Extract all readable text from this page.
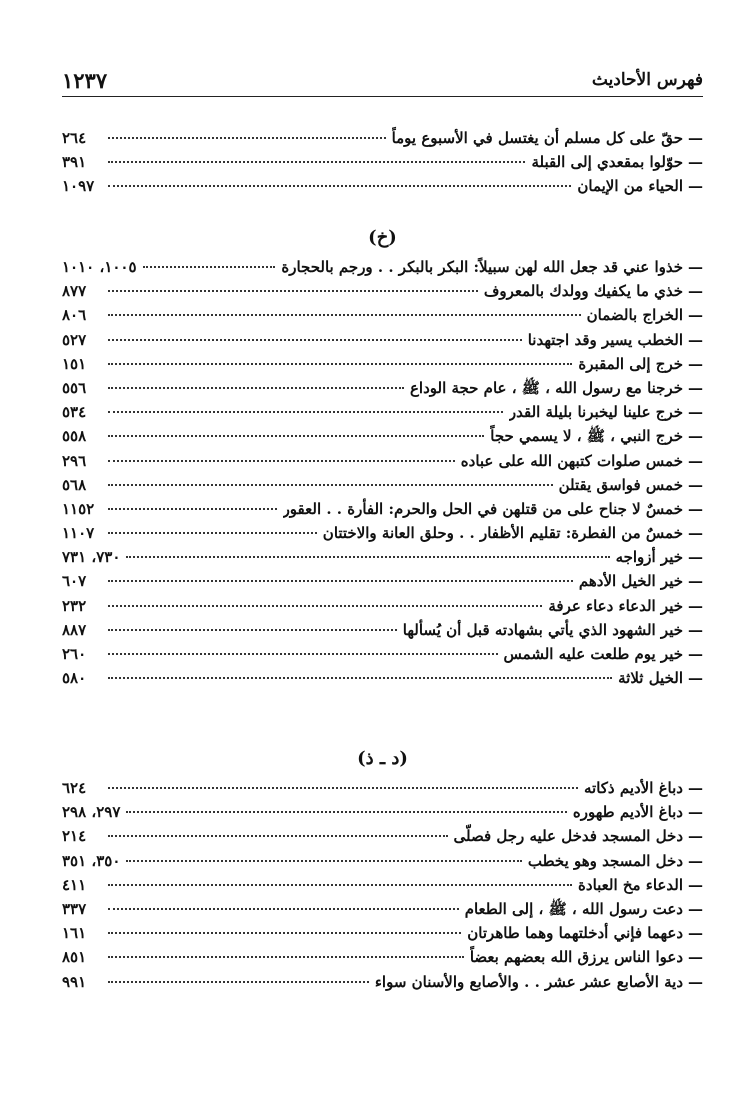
١٢٣٧	فهرس الأحاديث
—
حقّ على كل مسلم أن يغتسل في الأسبوع يوماً
٢٦٤
—
حوّلوا بمقعدي إلى القبلة
٣٩١
—
الحياء من الإيمان
١٠٩٧
(خ)
—
خذوا عني قد جعل الله لهن سبيلاً: البكر بالبكر . . ورجم بالحجارة
١٠٠٥، ١٠١٠
—
خذي ما يكفيك وولدك بالمعروف
٨٧٧
—
الخراج بالضمان
٨٠٦
—
الخطب يسير وقد اجتهدنا
٥٢٧
—
خرج إلى المقبرة
١٥١
—
خرجنا مع رسول الله ، ﷺ ، عام حجة الوداع
٥٥٦
—
خرج علينا ليخبرنا بليلة القدر
٥٣٤
—
خرج النبي ، ﷺ ، لا يسمي حجاً
٥٥٨
—
خمس صلوات كتبهن الله على عباده
٢٩٦
—
خمس فواسق يقتلن
٥٦٨
—
خمسٌ لا جناح على من قتلهن في الحل والحرم: الفأرة . . العقور
١١٥٢
—
خمسٌ من الفطرة: تقليم الأظفار . . وحلق العانة والاختتان
١١٠٧
—
خير أزواجه
٧٣٠، ٧٣١
—
خير الخيل الأدهم
٦٠٧
—
خير الدعاء دعاء عرفة
٢٣٢
—
خير الشهود الذي يأتي بشهادته قبل أن يُسألها
٨٨٧
—
خير يوم طلعت عليه الشمس
٢٦٠
—
الخيل ثلاثة
٥٨٠
(د ـ ذ)
—
دباغ الأديم ذكاته
٦٢٤
—
دباغ الأديم طهوره
٢٩٧، ٢٩٨
—
دخل المسجد فدخل عليه رجل فصلّى
٢١٤
—
دخل المسجد وهو يخطب
٣٥٠، ٣٥١
—
الدعاء مخ العبادة
٤١١
—
دعت رسول الله ، ﷺ ، إلى الطعام
٣٣٧
—
دعهما فإني أدخلتهما وهما طاهرتان
١٦١
—
دعوا الناس يرزق الله بعضهم بعضاً
٨٥١
—
دية الأصابع عشر عشر . . والأصابع والأسنان سواء
٩٩١
